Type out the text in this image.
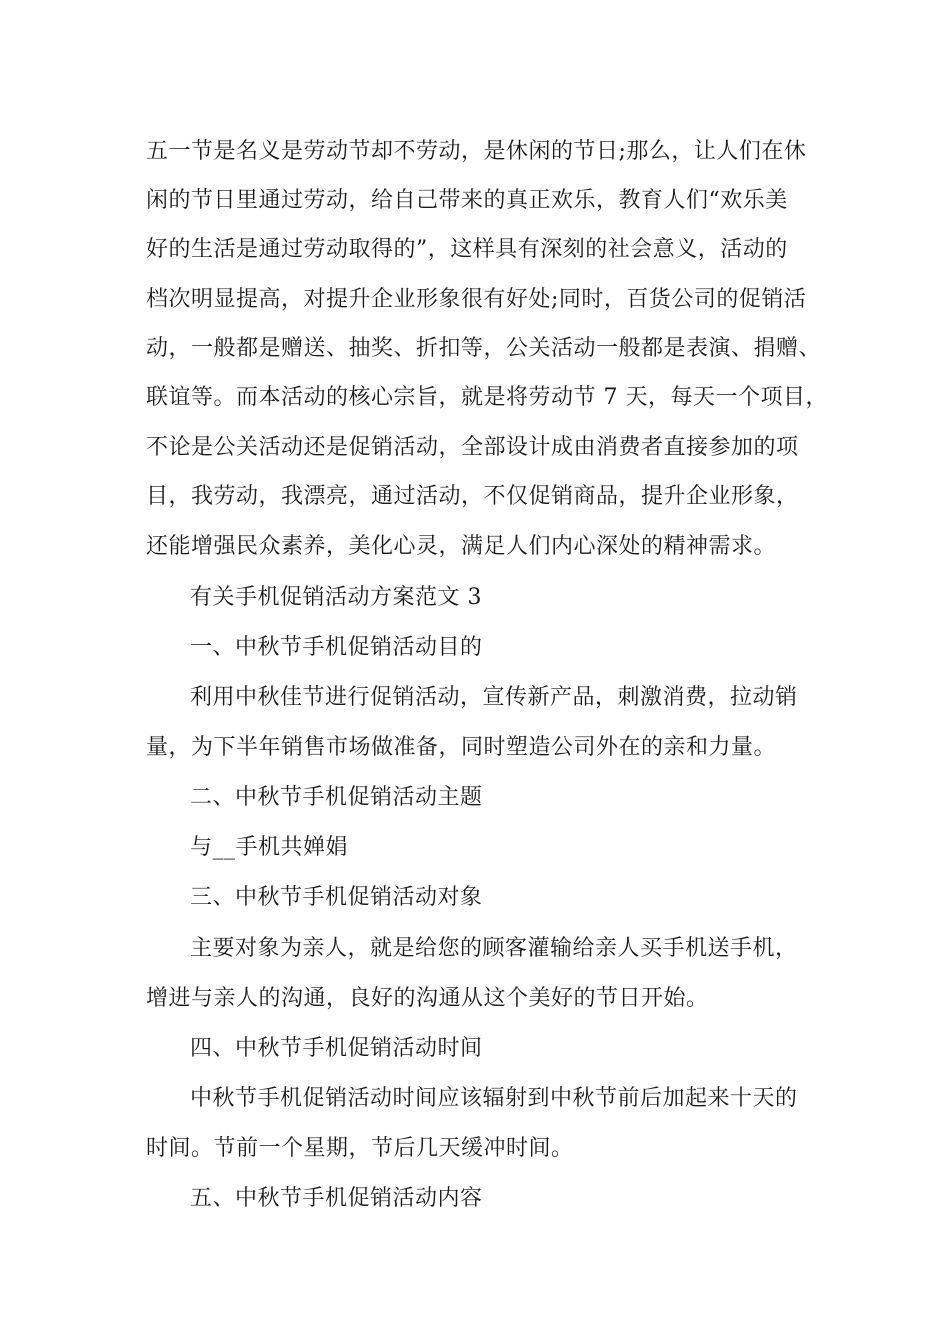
五一节是名义是劳动节却不劳动，是休闲的节日;那么，让人们在休
闲的节日里通过劳动，给自己带来的真正欢乐，教育人们“欢乐美
好的生活是通过劳动取得的”，这样具有深刻的社会意义，活动的
档次明显提高，对提升企业形象很有好处;同时，百货公司的促销活
动，一般都是赠送、抽奖、折扣等，公关活动一般都是表演、捐赠、
联谊等。而本活动的核心宗旨，就是将劳动节 7 天，每天一个项目，
不论是公关活动还是促销活动，全部设计成由消费者直接参加的项
目，我劳动，我漂亮，通过活动，不仅促销商品，提升企业形象，
还能增强民众素养，美化心灵，满足人们内心深处的精神需求。
有关手机促销活动方案范文 3
一、中秋节手机促销活动目的
利用中秋佳节进行促销活动，宣传新产品，刺激消费，拉动销
量，为下半年销售市场做准备，同时塑造公司外在的亲和力量。
二、中秋节手机促销活动主题
与__手机共婵娟
三、中秋节手机促销活动对象
主要对象为亲人，就是给您的顾客灌输给亲人买手机送手机，
增进与亲人的沟通，良好的沟通从这个美好的节日开始。
四、中秋节手机促销活动时间
中秋节手机促销活动时间应该辐射到中秋节前后加起来十天的
时间。节前一个星期，节后几天缓冲时间。
五、中秋节手机促销活动内容
